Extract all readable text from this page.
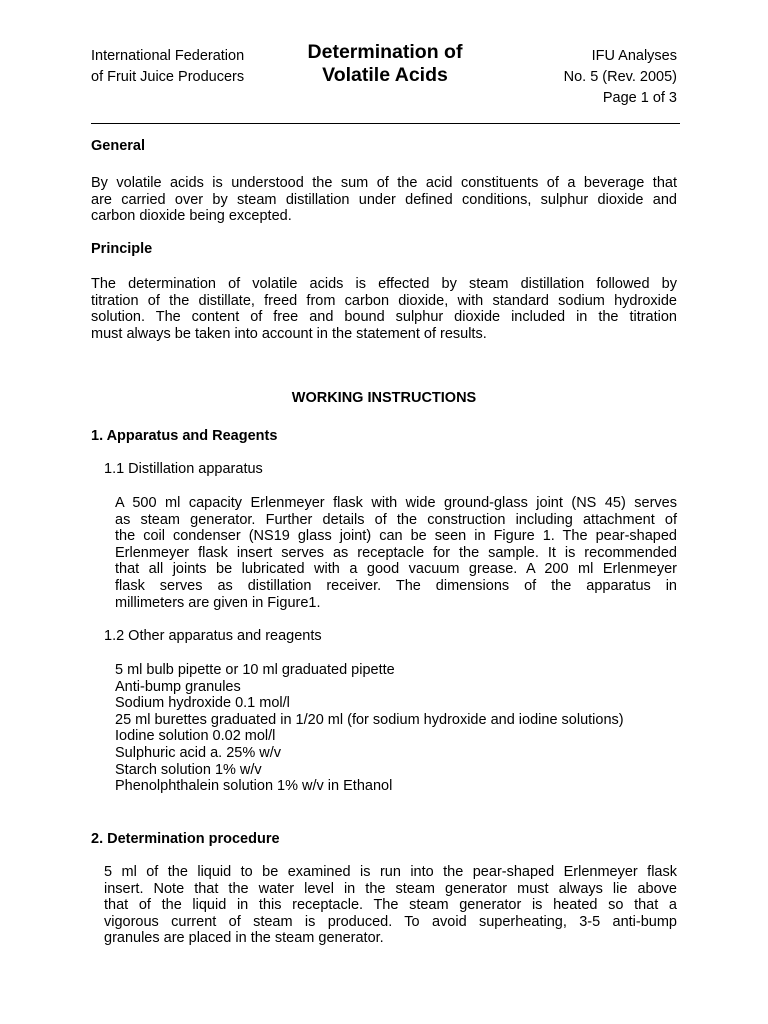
International Federation
of Fruit Juice Producers
Determination of
Volatile Acids
IFU Analyses
No. 5 (Rev. 2005)
Page 1 of 3
General
By volatile acids is understood the sum of the acid constituents of a beverage that
are carried over by steam distillation under defined conditions, sulphur dioxide and
carbon dioxide being excepted.
Principle
The determination of volatile acids is effected by steam distillation followed by
titration of the distillate, freed from carbon dioxide, with standard sodium hydroxide
solution. The content of free and bound sulphur dioxide included in the titration
must always be taken into account in the statement of results.
WORKING INSTRUCTIONS
1. Apparatus and Reagents
1.1 Distillation apparatus
A 500 ml capacity Erlenmeyer flask with wide ground-glass joint (NS 45) serves
as steam generator. Further details of the construction including attachment of
the coil condenser (NS19 glass joint) can be seen in Figure 1. The pear-shaped
Erlenmeyer flask insert serves as receptacle for the sample. It is recommended
that all joints be lubricated with a good vacuum grease. A 200 ml Erlenmeyer
flask serves as distillation receiver. The dimensions of the apparatus in
millimeters are given in Figure1.
1.2 Other apparatus and reagents
5 ml bulb pipette or 10 ml graduated pipette
Anti-bump granules
Sodium hydroxide 0.1 mol/l
25 ml burettes graduated in 1/20 ml (for sodium hydroxide and iodine solutions)
Iodine solution 0.02 mol/l
Sulphuric acid a. 25% w/v
Starch solution 1% w/v
Phenolphthalein solution 1% w/v in Ethanol
2. Determination procedure
5 ml of the liquid to be examined is run into the pear-shaped Erlenmeyer flask
insert. Note that the water level in the steam generator must always lie above
that of the liquid in this receptacle. The steam generator is heated so that a
vigorous current of steam is produced. To avoid superheating, 3-5 anti-bump
granules are placed in the steam generator.
